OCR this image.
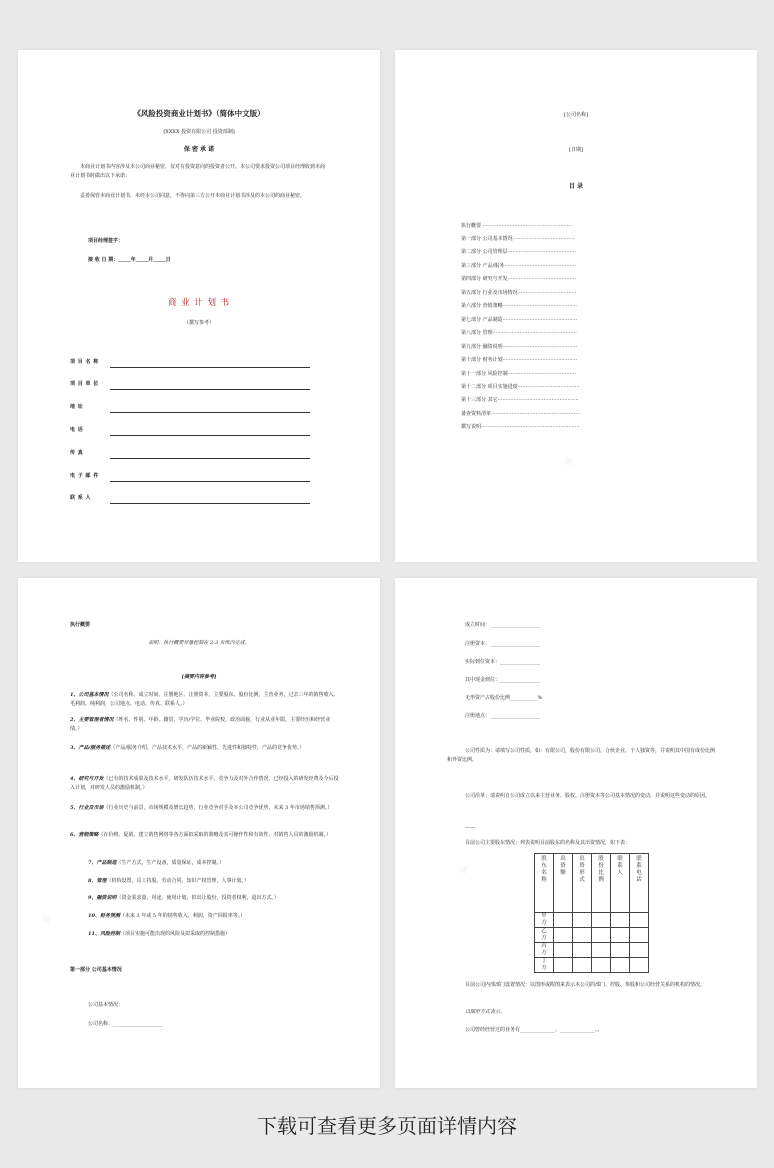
《风险投资商业计划书》（简体中文版）
[XXXX 投资有限公司 投资部制]
保 密 承 诺
本商业计划书内容涉及本公司商业秘密，仅对有投资意向的投资者公开。本公司要求投资公司项目经理收到本商业计划书时做出以下承诺：
妥善保管本商业计划书，未经本公司同意，不得向第三方公开本商业计划书涉及的本公司的商业秘密。
项目经理签字：
接 收 日 期：_____年_____月_____日
商 业 计 划 书
（撰写参考）
项 目 名 称
项 目 单 位
地 址
电 话
传 真
电 子 邮 件
联 系 人
[公司名称]
[日期]
目 录
执行概要 ·························································
第一部分 公司基本情况·······································
第二部分 公司管理层···········································
第三部分 产品/服务·············································
第四部分 研究与开发···········································
第五部分 行业及市场情况·····································
第六部分 营销策略···············································
第七部分 产品制造···············································
第八部分 管理·····················································
第九部分 融资说明···············································
第十部分 财务计划···············································
第十一部分 风险控制···········································
第十二部分 项目实施进度·······································
第十三部分 其它···················································
备查资料清单························································
撰写说明······························································
执行概要
说明：执行概要尽量控制在 2-3 页纸内完成。
[摘要内容参考]
1、公司基本情况（公司名称、成立时间、注册地区、注册资本，主要股东、股份比例，主营业务，过去三年的销售收入、毛利润、纯利润，公司地点、电话、传真、联系人。）
2、主要管理者情况（姓名、性别、年龄、籍贯、学历/学位、毕业院校，政治面貌，行业从业年限，主要经历和经营业绩。）
3、产品/服务描述（产品/服务介绍，产品技术水平，产品的新颖性、先进性和独特性，产品的竞争优势。）
4、研究与开发（已有的技术成果及技术水平，研发队伍技术水平、竞争力及对外合作情况，已经投入的研发经费及今后投入计划，对研发人员的激励机制。）
5、行业及市场（行业历史与前景，市场规模及增长趋势，行业竞争对手及本公司竞争优势，未来 3 年市场销售预测。）
6、营销策略（在价格、促销、建立销售网络等各方面拟采取的策略及其可操作性和有效性，对销售人员的激励机制。）
7、产品制造（生产方式，生产设备，质量保证，成本控制。）
8、管理（机构设置，员工持股，劳动合同，知识产权管理，人事计划。）
9、融资说明（资金需求量、用途、使用计划，拟出让股份，投资者权利，退出方式。）
10、财务预测（未来 3 年或 5 年的销售收入、利润、资产回报率等。）
11、风险控制（项目实施可能出现的风险及拟采取的控制措施）
第一部分 公司基本情况
公司基本情况：
公司名称：____________________
成立时间：____________________
注册资本：____________________
实际到位资本：________________
其中现金到位：________________
无形资产占股份比例___________%
注册地点：____________________
公司性质为：请填写公司性质，如：有限公司，股份有限公司，合伙企业，个人独资等，并说明其中国有成份比例和外资比例。
公司沿革：请说明自公司成立以来主营业务、股权、注册资本等公司基本情况的变动，并说明这些变动的原因。
——
目前公司主要股东情况：列表说明目前股东的名称及其出资情况，如下表：
股东名称	出资额	出资形式	股份比例	联系人	联系电话

甲方					

乙方					

丙方					

丁方					

目前公司内部部门设置情况：以图形或附图来表示本公司的部门、控股、参股和公司经营关系的机构的情况。
以图形方式表示。
公司曾经经营过的业务有______________、______________、。
下载可查看更多页面详情内容
